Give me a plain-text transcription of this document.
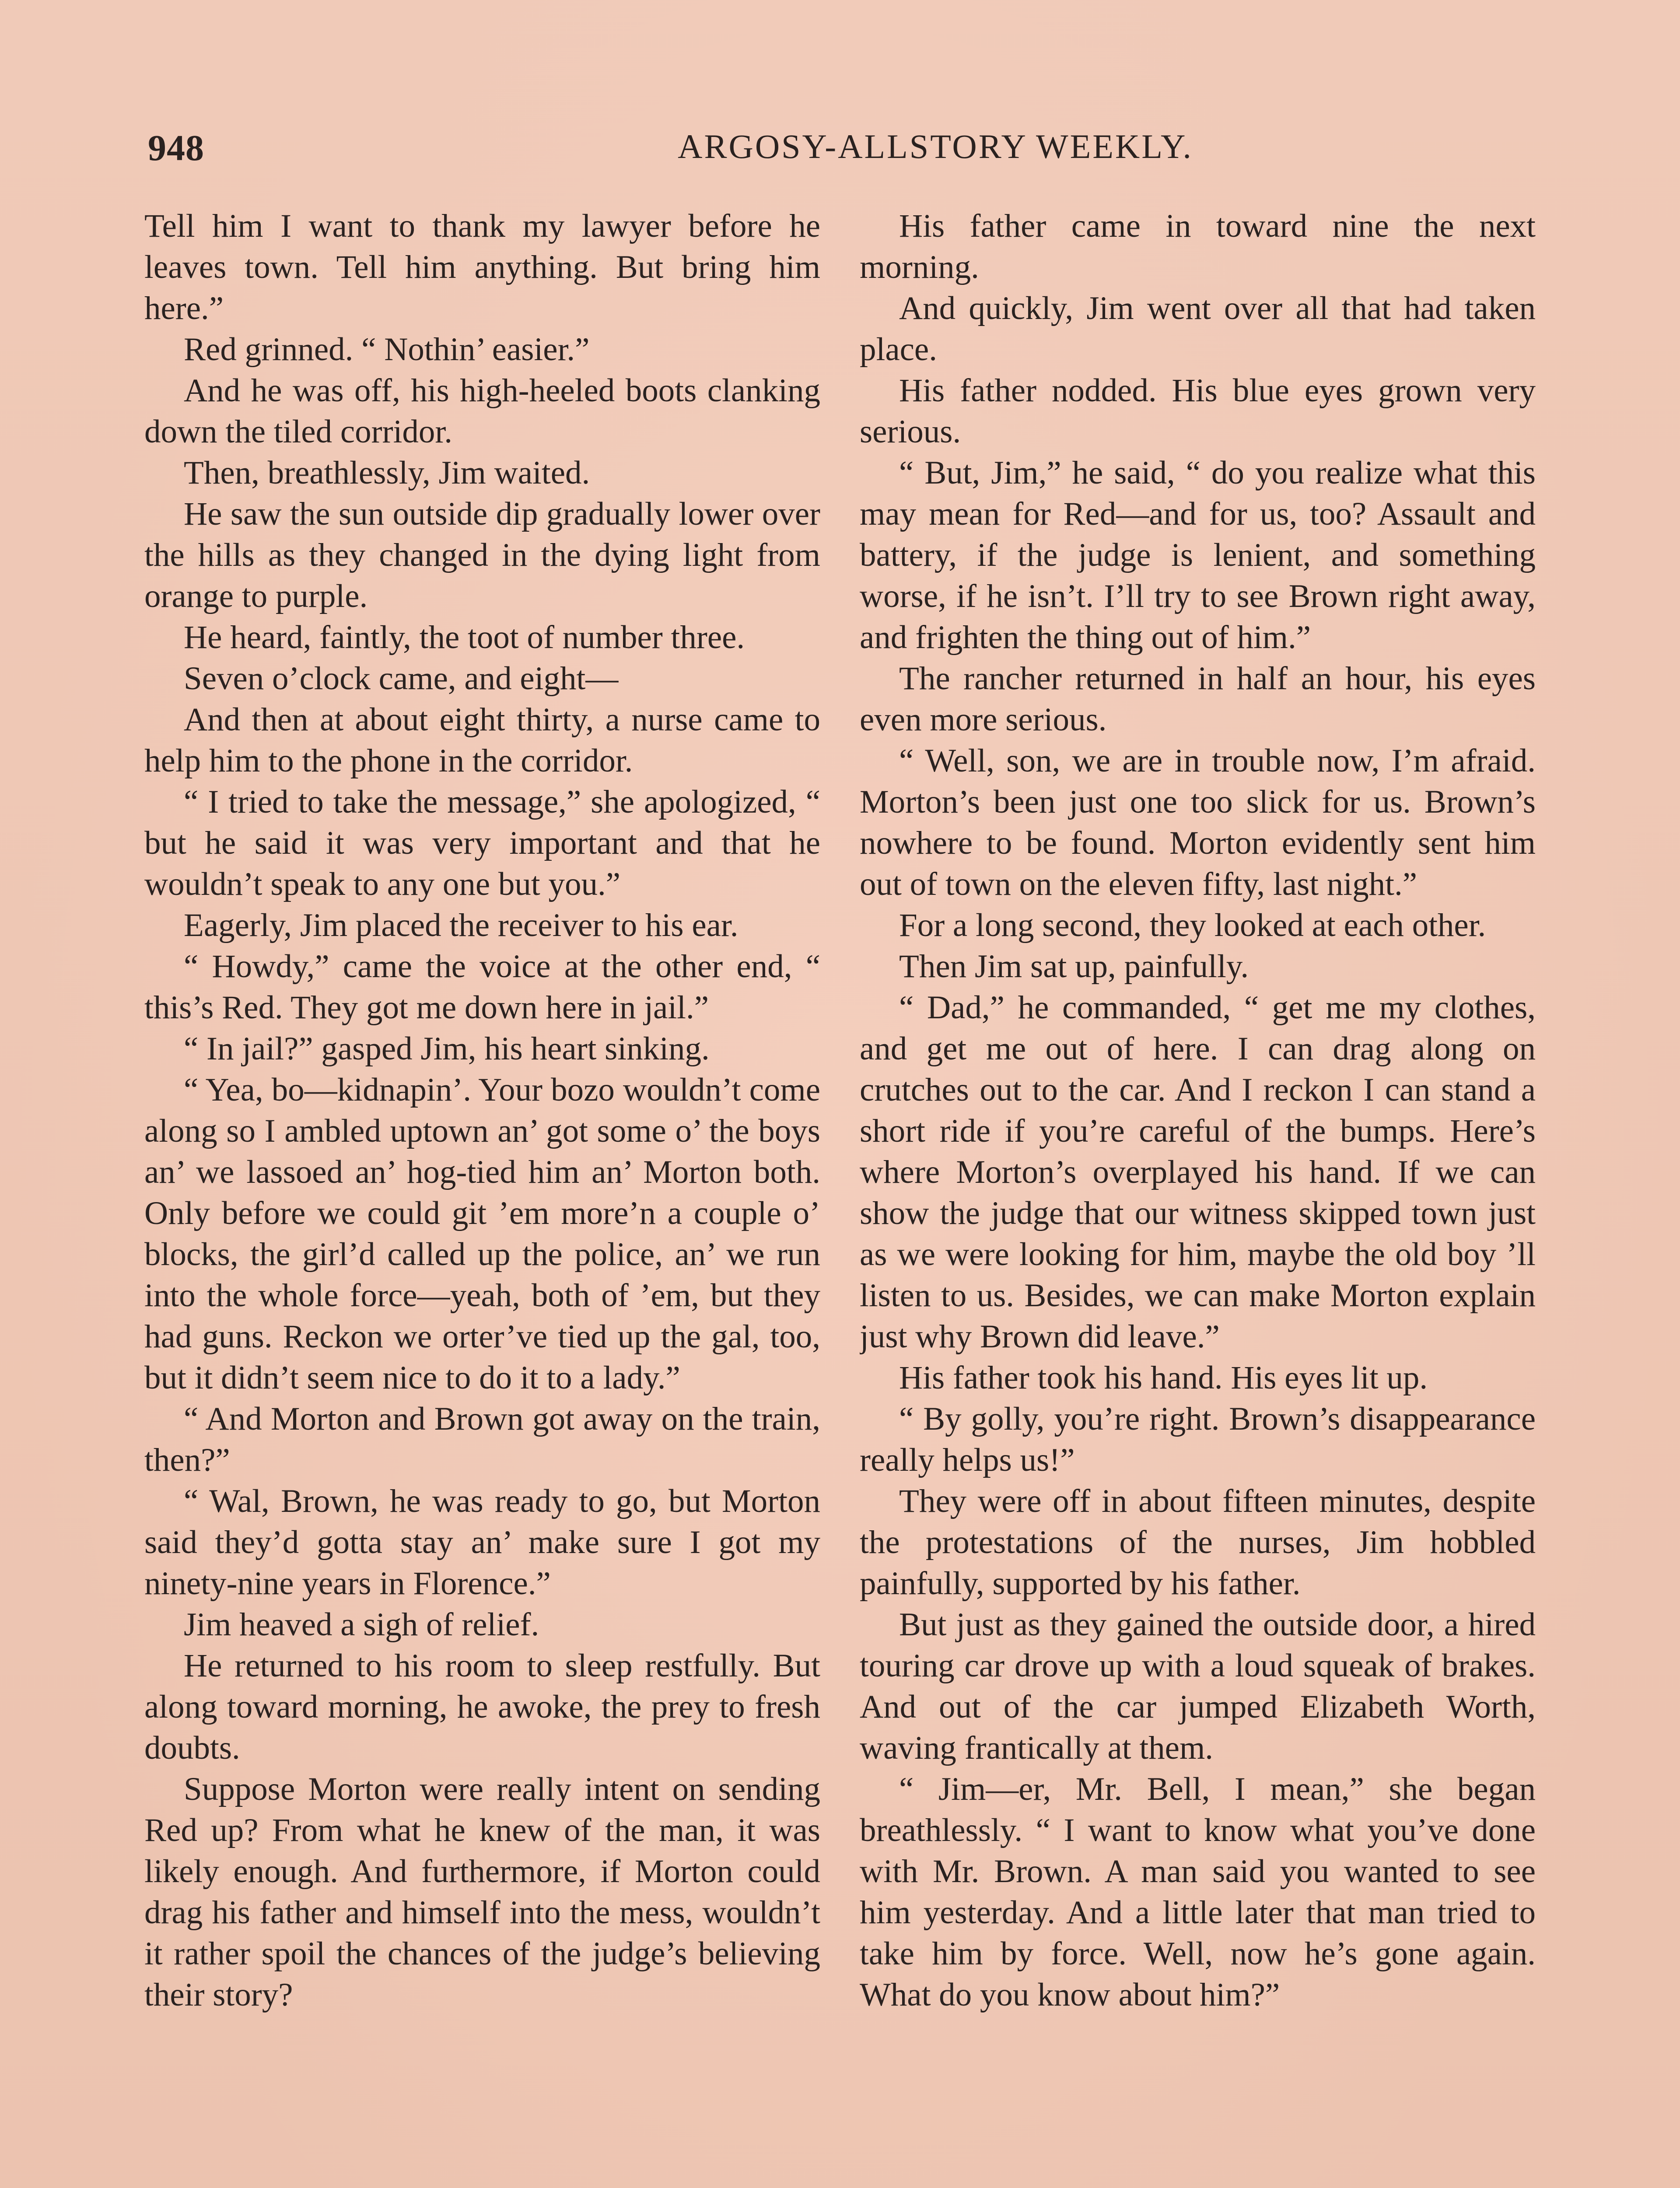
948	ARGOSY-ALLSTORY WEEKLY.

Tell him I want to thank my lawyer before he leaves town. Tell him anything. But bring him here.”

Red grinned. “ Nothin’ easier.”

And he was off, his high-heeled boots clanking down the tiled corridor.

Then, breathlessly, Jim waited.

He saw the sun outside dip gradually lower over the hills as they changed in the dying light from orange to purple.

He heard, faintly, the toot of number three.

Seven o’clock came, and eight—

And then at about eight thirty, a nurse came to help him to the phone in the corridor.

“ I tried to take the message,” she apologized, “ but he said it was very important and that he wouldn’t speak to any one but you.”

Eagerly, Jim placed the receiver to his ear.

“ Howdy,” came the voice at the other end, “ this’s Red. They got me down here in jail.”

“ In jail?” gasped Jim, his heart sinking.

“ Yea, bo—kidnapin’. Your bozo wouldn’t come along so I ambled uptown an’ got some o’ the boys an’ we lassoed an’ hog-tied him an’ Morton both. Only before we could git ’em more’n a couple o’ blocks, the girl’d called up the police, an’ we run into the whole force—yeah, both of ’em, but they had guns. Reckon we orter’ve tied up the gal, too, but it didn’t seem nice to do it to a lady.”

“ And Morton and Brown got away on the train, then?”

“ Wal, Brown, he was ready to go, but Morton said they’d gotta stay an’ make sure I got my ninety-nine years in Florence.”

Jim heaved a sigh of relief.

He returned to his room to sleep restfully. But along toward morning, he awoke, the prey to fresh doubts.

Suppose Morton were really intent on sending Red up? From what he knew of the man, it was likely enough. And furthermore, if Morton could drag his father and himself into the mess, wouldn’t it rather spoil the chances of the judge’s believing their story?

His father came in toward nine the next morning.

And quickly, Jim went over all that had taken place.

His father nodded. His blue eyes grown very serious.

“ But, Jim,” he said, “ do you realize what this may mean for Red—and for us, too? Assault and battery, if the judge is lenient, and something worse, if he isn’t. I’ll try to see Brown right away, and frighten the thing out of him.”

The rancher returned in half an hour, his eyes even more serious.

“ Well, son, we are in trouble now, I’m afraid. Morton’s been just one too slick for us. Brown’s nowhere to be found. Morton evidently sent him out of town on the eleven fifty, last night.”

For a long second, they looked at each other.

Then Jim sat up, painfully.

“ Dad,” he commanded, “ get me my clothes, and get me out of here. I can drag along on crutches out to the car. And I reckon I can stand a short ride if you’re careful of the bumps. Here’s where Morton’s overplayed his hand. If we can show the judge that our witness skipped town just as we were looking for him, maybe the old boy ’ll listen to us. Besides, we can make Morton explain just why Brown did leave.”

His father took his hand. His eyes lit up.

“ By golly, you’re right. Brown’s disappearance really helps us!”

They were off in about fifteen minutes, despite the protestations of the nurses, Jim hobbled painfully, supported by his father.

But just as they gained the outside door, a hired touring car drove up with a loud squeak of brakes. And out of the car jumped Elizabeth Worth, waving frantically at them.

“ Jim—er, Mr. Bell, I mean,” she began breathlessly. “ I want to know what you’ve done with Mr. Brown. A man said you wanted to see him yesterday. And a little later that man tried to take him by force. Well, now he’s gone again. What do you know about him?”
